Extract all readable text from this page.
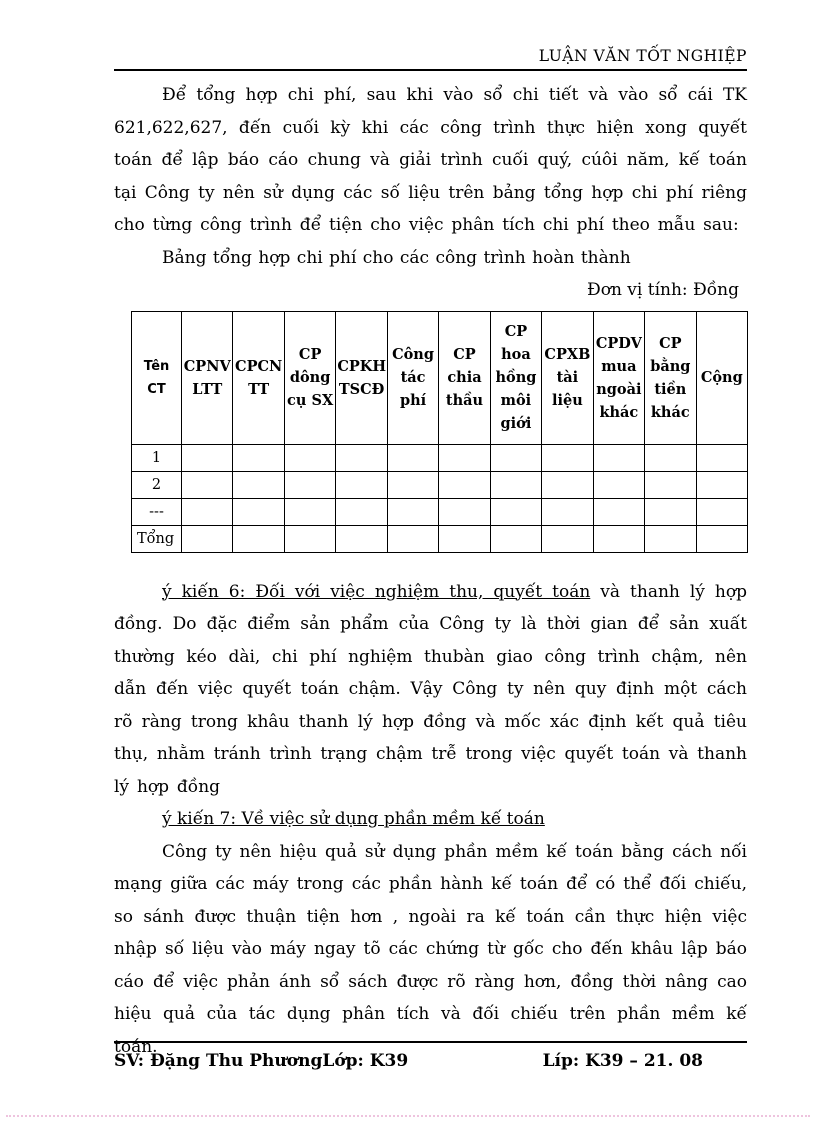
LUẬN VĂN TỐT NGHIỆP

Để tổng hợp chi phí, sau khi vào sổ chi tiết và vào sổ cái TK 621,622,627, đến cuối kỳ khi các công trình thực hiện xong quyết toán để lập báo cáo chung và giải trình cuối quý, cúôi năm, kế toán tại Công ty nên sử dụng các số liệu trên bảng tổng hợp chi phí riêng cho từng công trình để tiện cho việc phân tích chi phí theo mẫu sau:

Bảng tổng hợp chi phí cho các công trình hoàn thành

Đơn vị tính: Đồng

Tên CT	CPNV LTT	CPCN TT	CP dông cụ SX	CPKH TSCĐ	Công tác phí	CP chia thầu	CP hoa hồng môi giới	CPXB tài liệu	CPDV mua ngoài khác	CP bằng tiền khác	Cộng
1											
2											
---											
Tổng											

ý kiến 6: Đối với việc nghiệm thu, quyết toán và thanh lý hợp đồng. Do đặc điểm sản phẩm của Công ty là thời gian để sản xuất thường kéo dài, chi phí nghiệm thubàn giao công trình chậm, nên dẫn đến việc quyết toán chậm. Vậy Công ty nên quy định một cách rõ ràng trong khâu thanh lý hợp đồng và mốc xác định kết quả tiêu thụ, nhằm tránh trình trạng chậm trễ trong việc quyết toán và thanh lý hợp đồng

ý kiến 7: Về việc sử dụng phần mềm kế toán

Công ty nên hiệu quả sử dụng phần mềm kế toán bằng cách nối mạng giữa các máy trong các phần hành kế toán để có thể đối chiếu, so sánh được thuận tiện hơn , ngoài ra kế toán cần thực hiện việc nhập số liệu vào máy ngay tõ các chứng từ gốc cho đến khâu lập báo cáo để việc phản ánh sổ sách được rõ ràng hơn, đồng thời nâng cao hiệu quả của tác dụng phân tích và đối chiếu trên phần mềm kế toán.

SV: Đặng Thu PhươngLớp: K39	Líp: K39 – 21. 08
